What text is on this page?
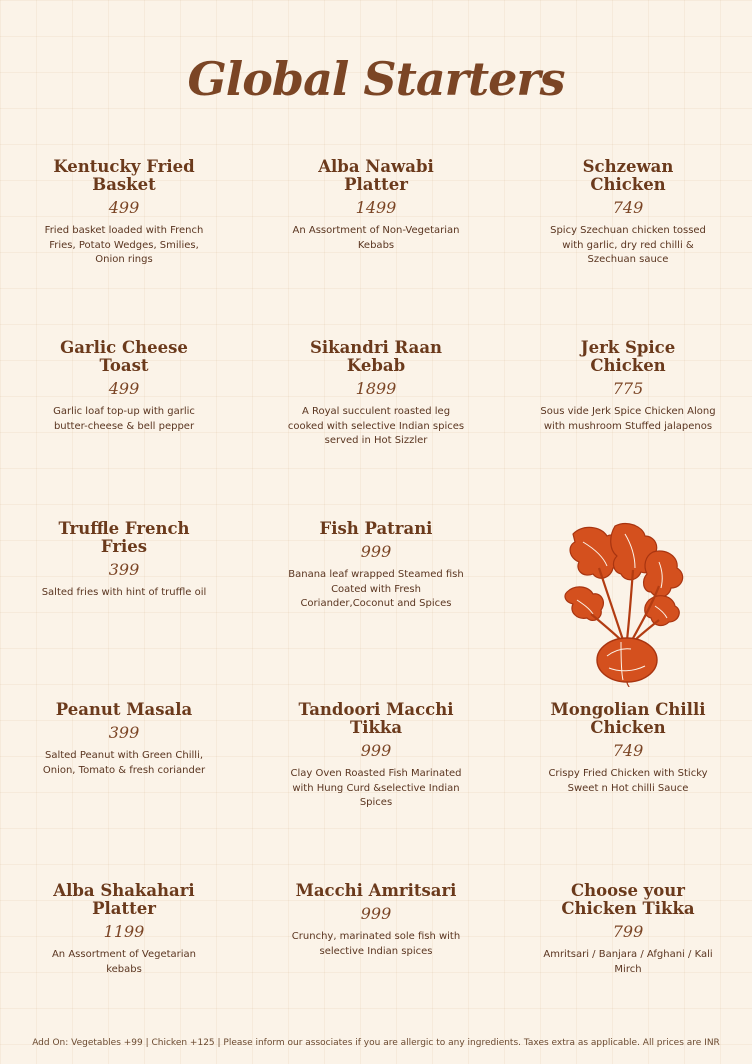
Global Starters
Kentucky Fried Basket
499
Fried basket loaded with French Fries, Potato Wedges, Smilies, Onion rings
Alba Nawabi Platter
1499
An Assortment of Non-Vegetarian Kebabs
Schzewan Chicken
749
Spicy Szechuan chicken tossed with garlic, dry red chilli & Szechuan sauce
Garlic Cheese Toast
499
Garlic loaf top-up with garlic butter-cheese & bell pepper
Sikandri Raan Kebab
1899
A Royal succulent roasted leg cooked with selective Indian spices served in Hot Sizzler
Jerk Spice Chicken
775
Sous vide Jerk Spice Chicken Along with mushroom Stuffed jalapenos
Truffle French Fries
399
Salted fries with hint of truffle oil
Fish Patrani
999
Banana leaf wrapped Steamed fish Coated with Fresh Coriander,Coconut and Spices
Peanut Masala
399
Salted Peanut with Green Chilli, Onion, Tomato & fresh coriander
Tandoori Macchi Tikka
999
Clay Oven Roasted Fish Marinated with Hung Curd &selective Indian Spices
Mongolian Chilli Chicken
749
Crispy Fried Chicken with Sticky Sweet n Hot chilli Sauce
Alba Shakahari Platter
1199
An Assortment of Vegetarian kebabs
Macchi Amritsari
999
Crunchy, marinated sole fish with selective Indian spices
Choose your Chicken Tikka
799
Amritsari / Banjara / Afghani / Kali Mirch
Add On: Vegetables +99 | Chicken +125 | Please inform our associates if you are allergic to any ingredients. Taxes extra as applicable. All prices are INR
